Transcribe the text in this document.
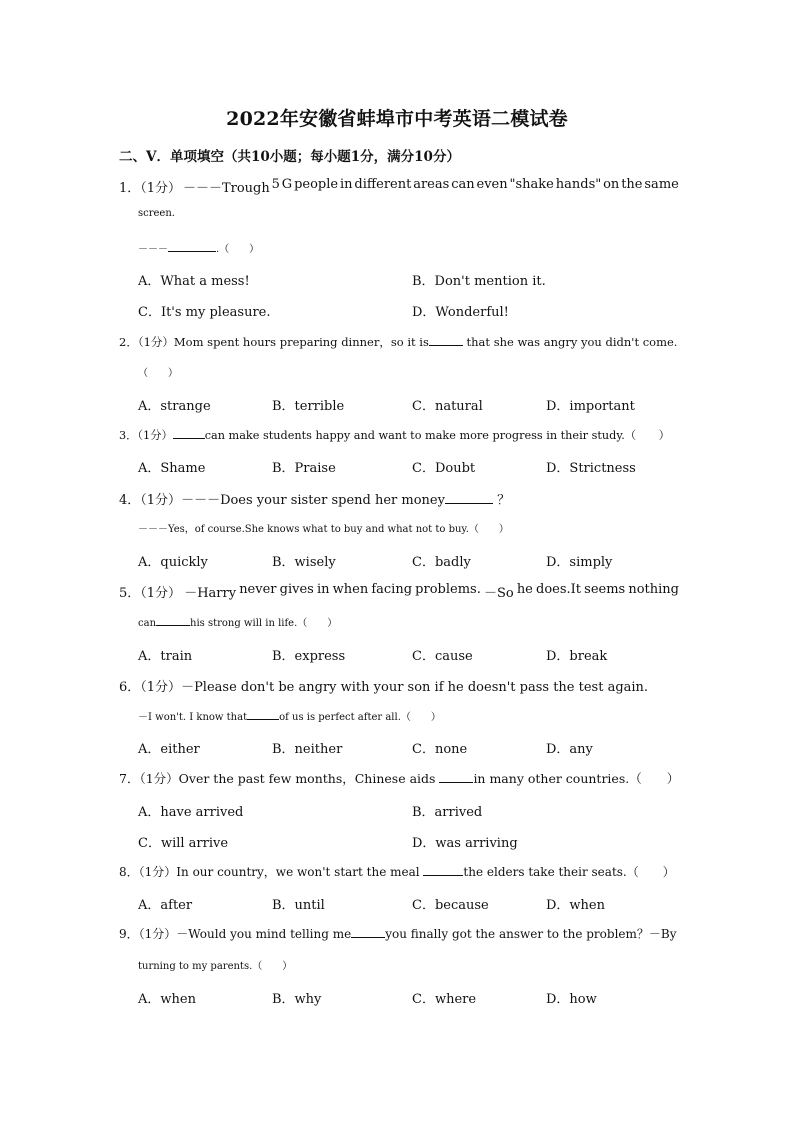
2022年安徽省蚌埠市中考英语二模试卷
二、V．单项填空（共10小题；每小题1分，满分10分）
1．（1分） －－－Trough 5 G people in different areas can even "shake hands" on the same
screen.
－－－	.（　　）
A．What a mess!	B．Don't mention it.
C．It's my pleasure.	D．Wonderful!
2．（1分）Mom spent hours preparing dinner，so it is	that she was angry you didn't come.
（　　）
A．strange	B．terrible	C．natural	D．important
3．（1分）	can make students happy and want to make more progress in their study.（　　）
A．Shame	B．Praise	C．Doubt	D．Strictness
4．（1分）－－－Does your sister spend her money	？
－－－Yes，of course.She knows what to buy and what not to buy.（　　）
A．quickly	B．wisely	C．badly	D．simply
5．（1分） －Harry never gives in when facing problems. －So he does.It seems nothing
can	his strong will in life.（　　）
A．train	B．express	C．cause	D．break
6．（1分）－Please don't be angry with your son if he doesn't pass the test again.
－I won't. I know that	of us is perfect after all.（　　）
A．either	B．neither	C．none	D．any
7．（1分）Over the past few months，Chinese aids	in many other countries.（　　）
A．have arrived	B．arrived
C．will arrive	D．was arriving
8．（1分）In our country，we won't start the meal	the elders take their seats.（　　）
A．after	B．until	C．because	D．when
9．（1分）－Would you mind telling me	you finally got the answer to the problem？－By
turning to my parents.（　　）
A．when	B．why	C．where	D．how
